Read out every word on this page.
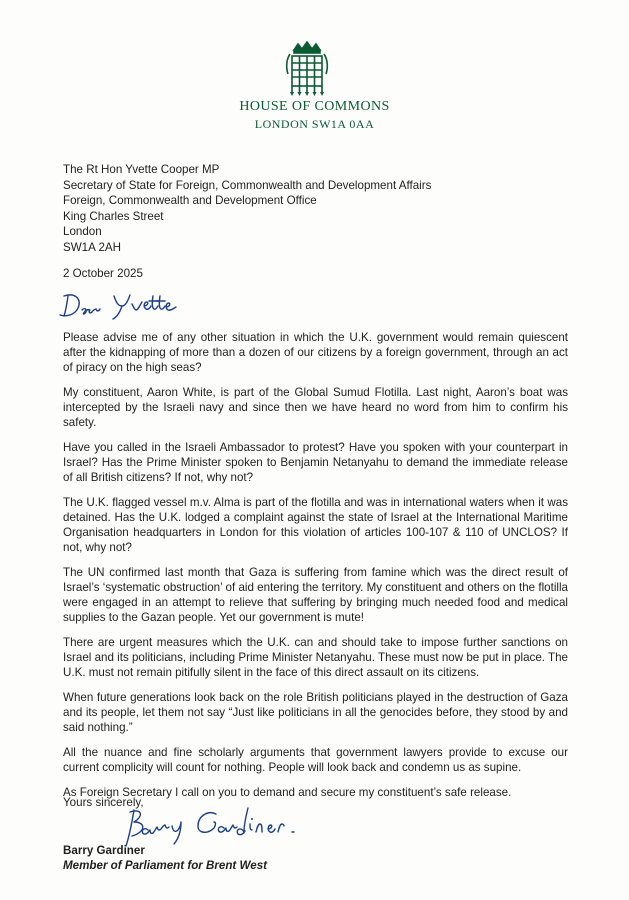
HOUSE OF COMMONS
LONDON SW1A 0AA
The Rt Hon Yvette Cooper MP
Secretary of State for Foreign, Commonwealth and Development Affairs
Foreign, Commonwealth and Development Office
King Charles Street
London
SW1A 2AH
2 October 2025

Please advise me of any other situation in which the U.K. government would remain quiescent after the kidnapping of more than a dozen of our citizens by a foreign government, through an act of piracy on the high seas?

My constituent, Aaron White, is part of the Global Sumud Flotilla. Last night, Aaron’s boat was intercepted by the Israeli navy and since then we have heard no word from him to confirm his safety.

Have you called in the Israeli Ambassador to protest? Have you spoken with your counterpart in Israel? Has the Prime Minister spoken to Benjamin Netanyahu to demand the immediate release of all British citizens? If not, why not?

The U.K. flagged vessel m.v. Alma is part of the flotilla and was in international waters when it was detained. Has the U.K. lodged a complaint against the state of Israel at the International Maritime Organisation headquarters in London for this violation of articles 100-107 & 110 of UNCLOS? If not, why not?

The UN confirmed last month that Gaza is suffering from famine which was the direct result of Israel’s ‘systematic obstruction’ of aid entering the territory. My constituent and others on the flotilla were engaged in an attempt to relieve that suffering by bringing much needed food and medical supplies to the Gazan people. Yet our government is mute!

There are urgent measures which the U.K. can and should take to impose further sanctions on Israel and its politicians, including Prime Minister Netanyahu. These must now be put in place. The U.K. must not remain pitifully silent in the face of this direct assault on its citizens.

When future generations look back on the role British politicians played in the destruction of Gaza and its people, let them not say “Just like politicians in all the genocides before, they stood by and said nothing.”

All the nuance and fine scholarly arguments that government lawyers provide to excuse our current complicity will count for nothing. People will look back and condemn us as supine.

As Foreign Secretary I call on you to demand and secure my constituent’s safe release.

Yours sincerely,
Barry Gardiner
Member of Parliament for Brent West
